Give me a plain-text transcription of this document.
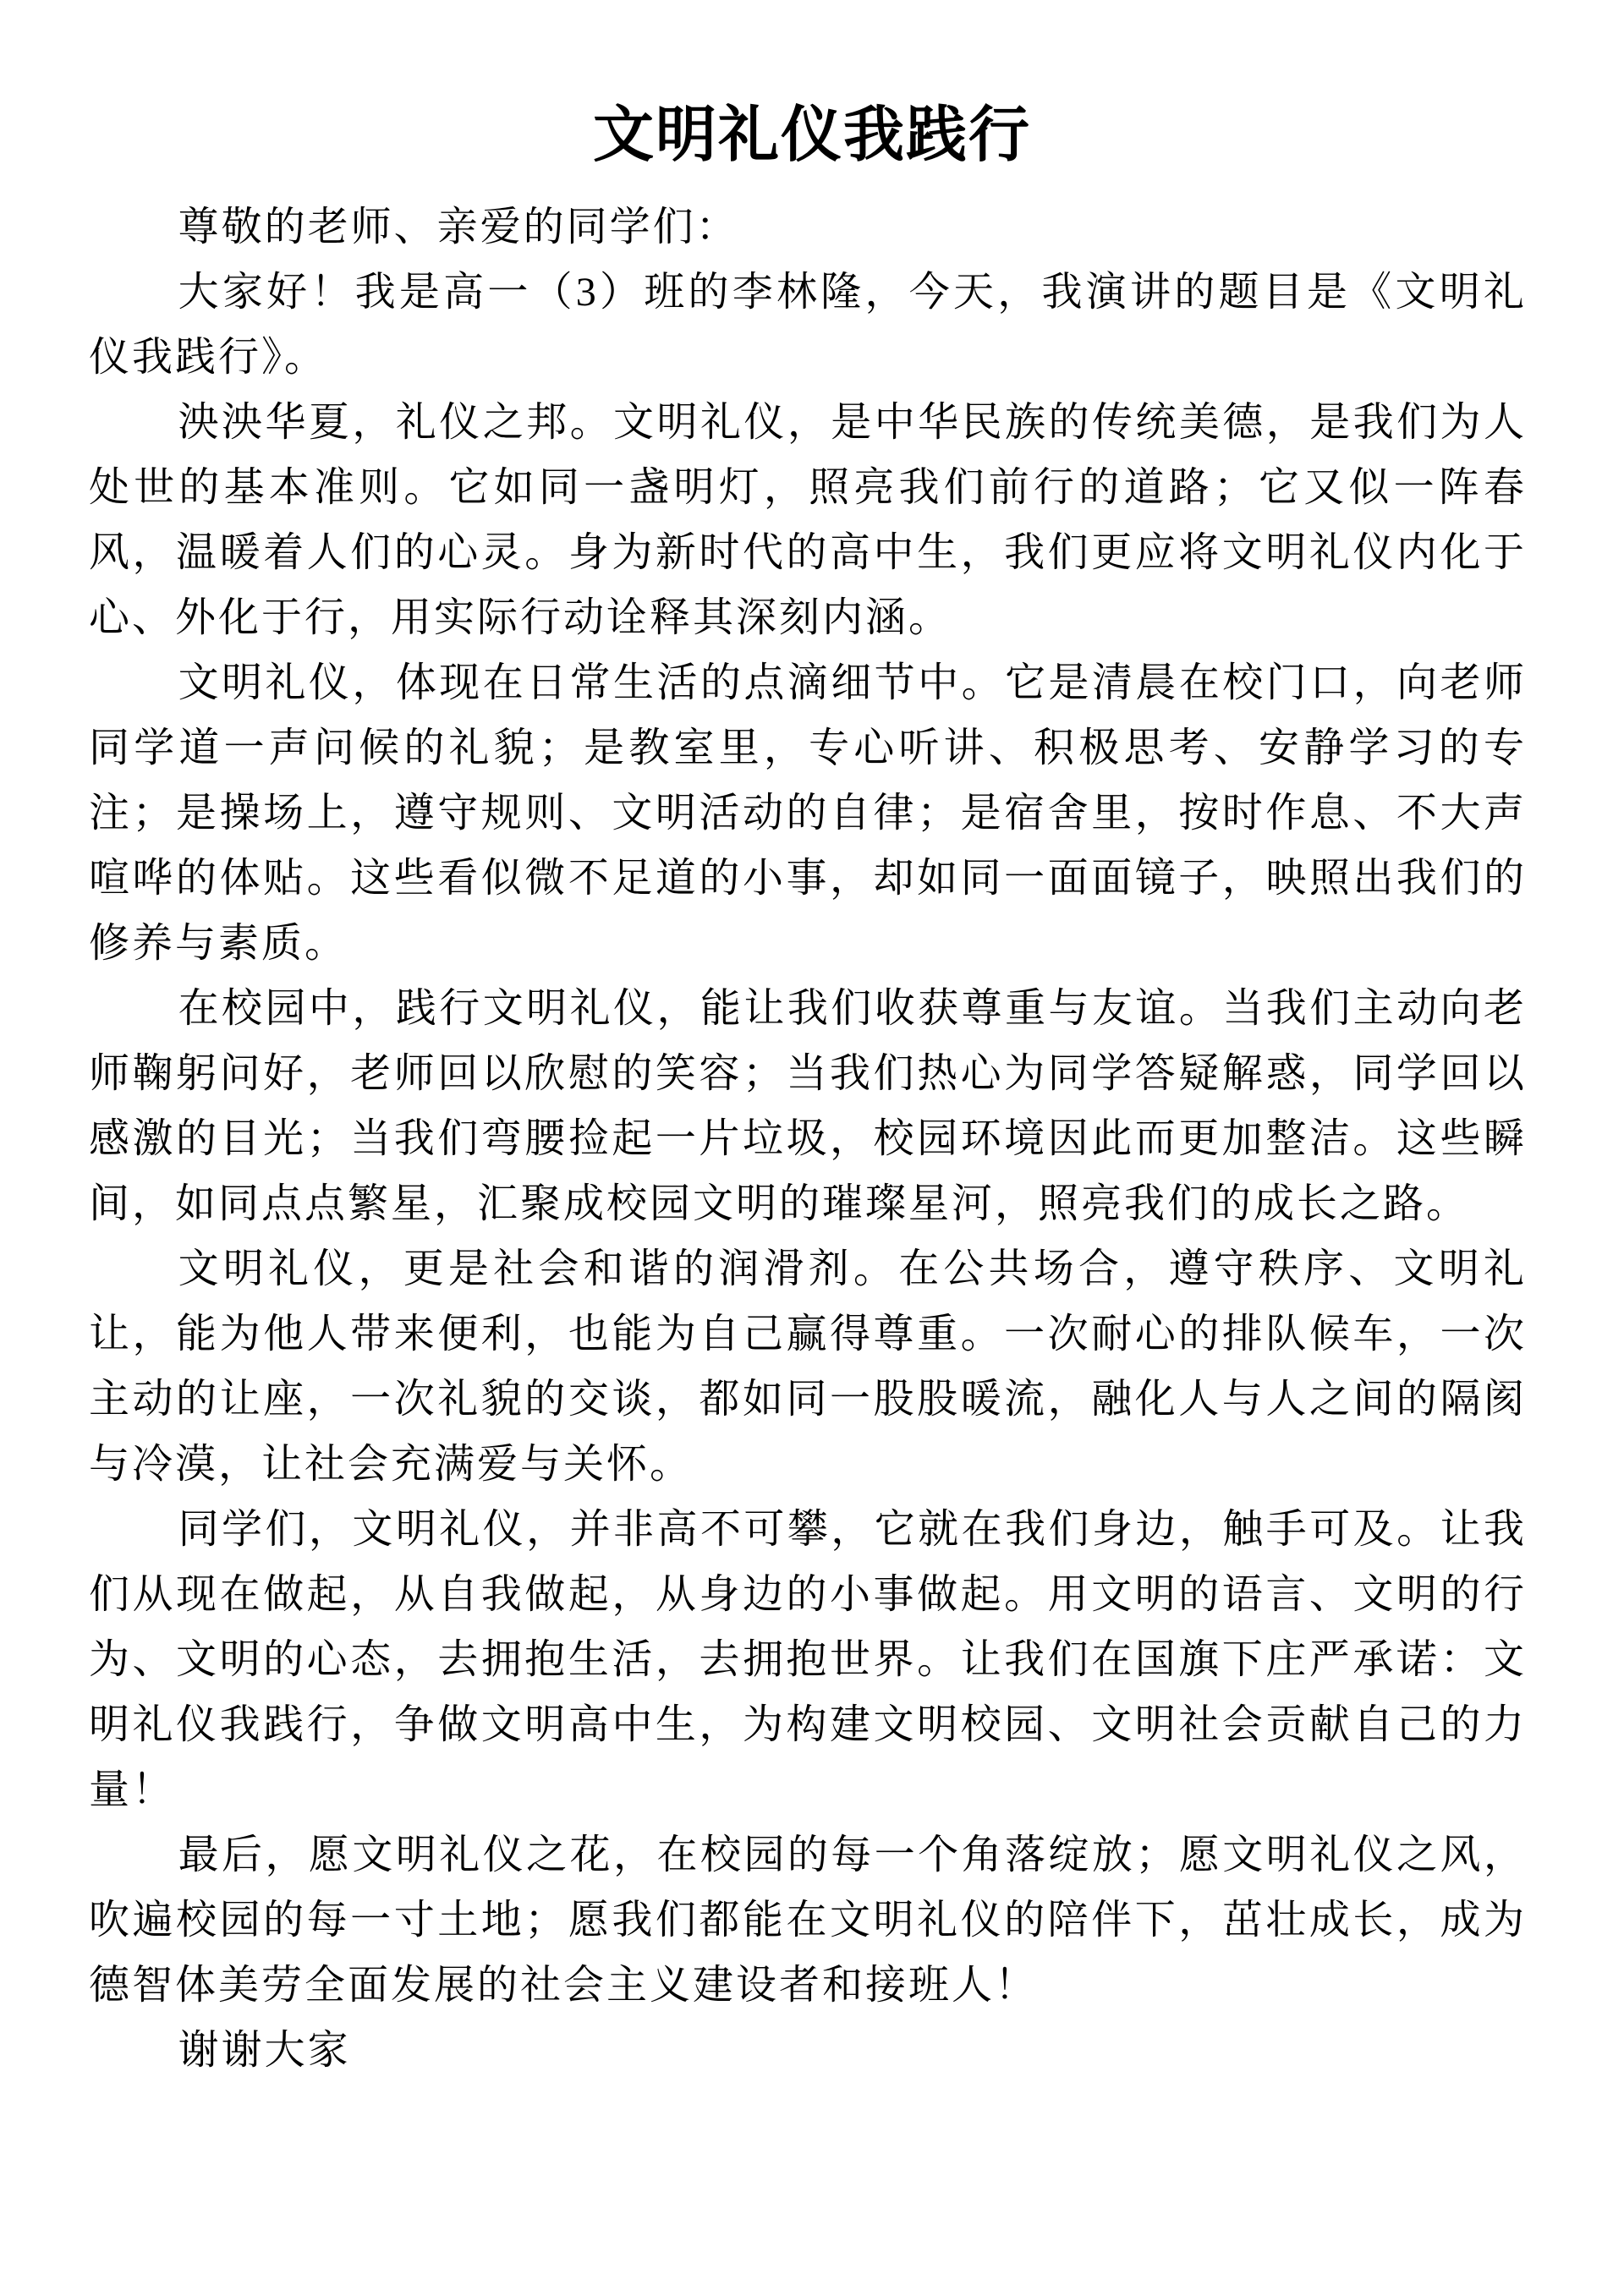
文明礼仪我践行

尊敬的老师、亲爱的同学们：

大家好！我是高一（3）班的李林隆，今天，我演讲的题目是《文明礼仪我践行》。

泱泱华夏，礼仪之邦。文明礼仪，是中华民族的传统美德，是我们为人处世的基本准则。它如同一盏明灯，照亮我们前行的道路；它又似一阵春风，温暖着人们的心灵。身为新时代的高中生，我们更应将文明礼仪内化于心、外化于行，用实际行动诠释其深刻内涵。

文明礼仪，体现在日常生活的点滴细节中。它是清晨在校门口，向老师同学道一声问候的礼貌；是教室里，专心听讲、积极思考、安静学习的专注；是操场上，遵守规则、文明活动的自律；是宿舍里，按时作息、不大声喧哗的体贴。这些看似微不足道的小事，却如同一面面镜子，映照出我们的修养与素质。

在校园中，践行文明礼仪，能让我们收获尊重与友谊。当我们主动向老师鞠躬问好，老师回以欣慰的笑容；当我们热心为同学答疑解惑，同学回以感激的目光；当我们弯腰捡起一片垃圾，校园环境因此而更加整洁。这些瞬间，如同点点繁星，汇聚成校园文明的璀璨星河，照亮我们的成长之路。

文明礼仪，更是社会和谐的润滑剂。在公共场合，遵守秩序、文明礼让，能为他人带来便利，也能为自己赢得尊重。一次耐心的排队候车，一次主动的让座，一次礼貌的交谈，都如同一股股暖流，融化人与人之间的隔阂与冷漠，让社会充满爱与关怀。

同学们，文明礼仪，并非高不可攀，它就在我们身边，触手可及。让我们从现在做起，从自我做起，从身边的小事做起。用文明的语言、文明的行为、文明的心态，去拥抱生活，去拥抱世界。让我们在国旗下庄严承诺：文明礼仪我践行，争做文明高中生，为构建文明校园、文明社会贡献自己的力量！

最后，愿文明礼仪之花，在校园的每一个角落绽放；愿文明礼仪之风，吹遍校园的每一寸土地；愿我们都能在文明礼仪的陪伴下，茁壮成长，成为德智体美劳全面发展的社会主义建设者和接班人！

谢谢大家
